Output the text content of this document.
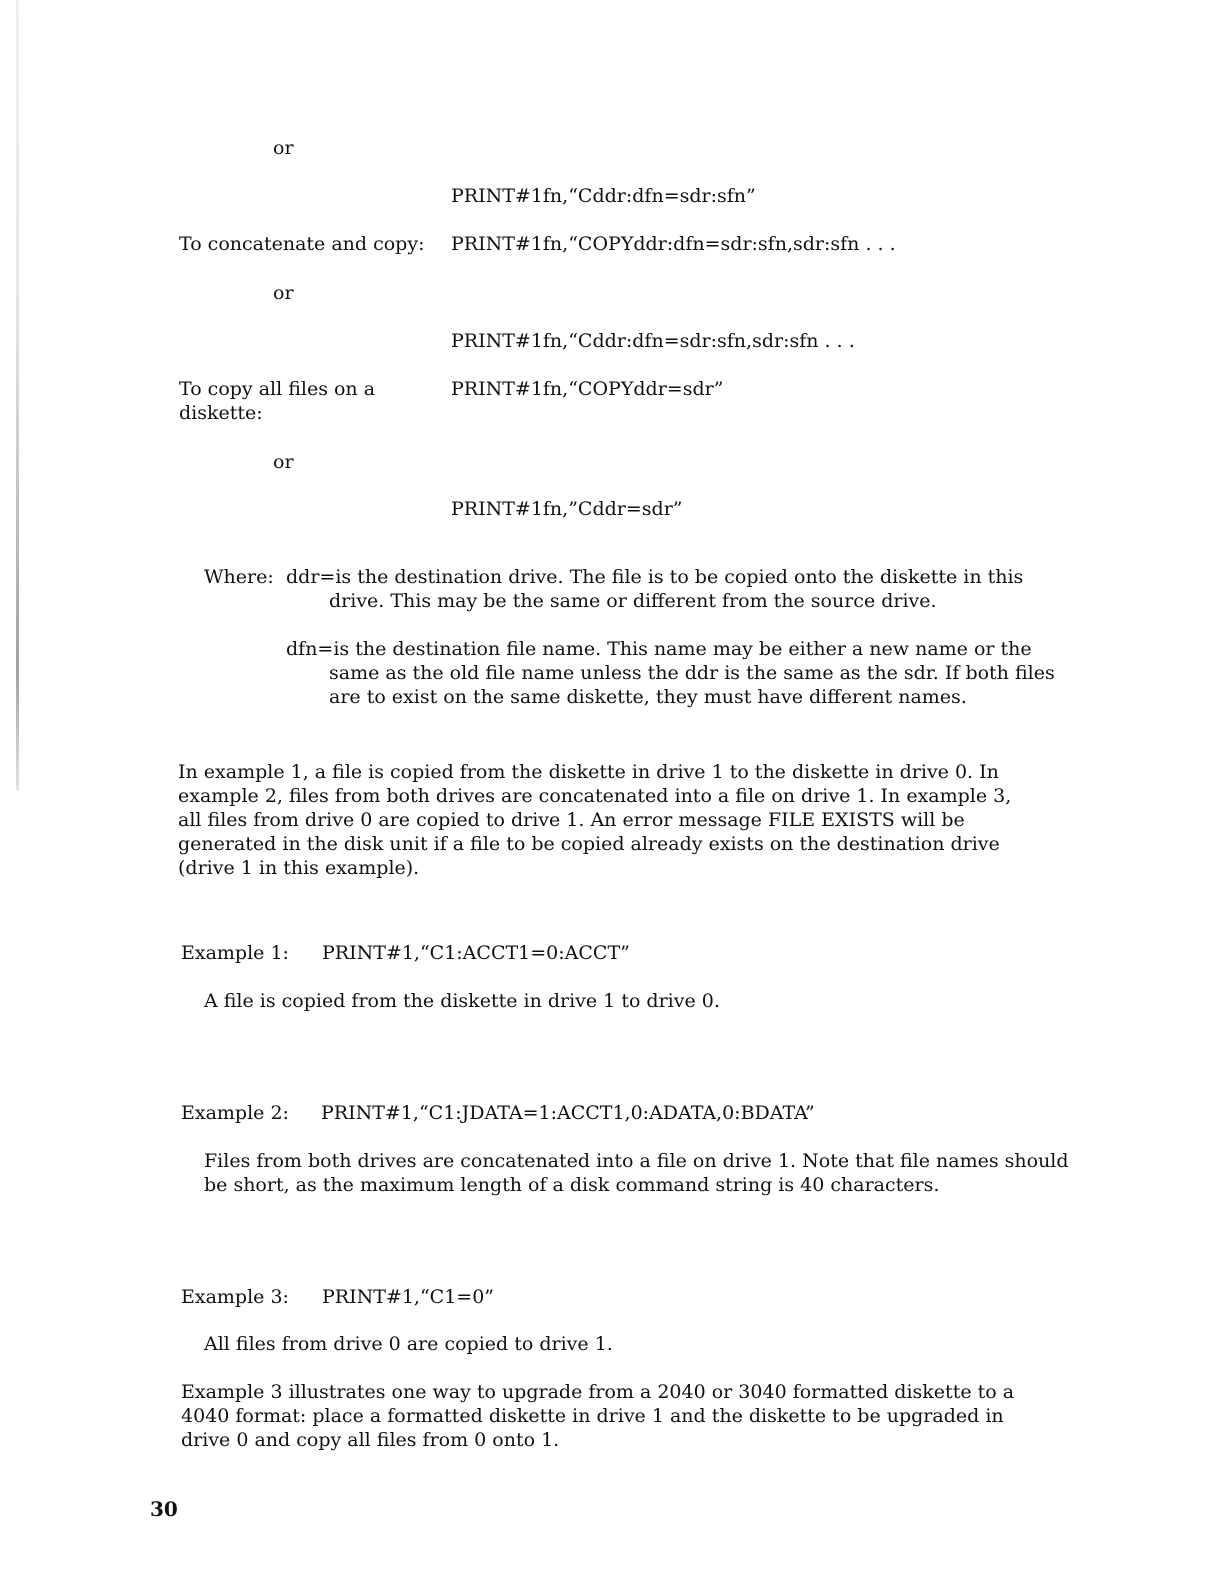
or

PRINT#1fn,“Cddr:dfn=sdr:sfn”

To concatenate and copy: PRINT#1fn,“COPYddr:dfn=sdr:sfn,sdr:sfn . . .

or

PRINT#1fn,“Cddr:dfn=sdr:sfn,sdr:sfn . . .

To copy all files on a

diskette:

PRINT#1fn,“COPYddr=sdr”

or

PRINT#1fn,”Cddr=sdr”

Where: ddr=is the destination drive. The file is to be copied onto the diskette in this

drive. This may be the same or different from the source drive.

dfn=is the destination file name. This name may be either a new name or the

same as the old file name unless the ddr is the same as the sdr. If both files

are to exist on the same diskette, they must have different names.

In example 1, a file is copied from the diskette in drive 1 to the diskette in drive 0. In example 2, files from both drives are concatenated into a file on drive 1. In example 3, all files from drive 0 are copied to drive 1. An error message FILE EXISTS will be generated in the disk unit if a file to be copied already exists on the destination drive (drive 1 in this example).

Example 1: PRINT#1,“C1:ACCT1=0:ACCT”

A file is copied from the diskette in drive 1 to drive 0.

Example 2: PRINT#1,“C1:JDATA=1:ACCT1,0:ADATA,0:BDATA”

Files from both drives are concatenated into a file on drive 1. Note that file names should

be short, as the maximum length of a disk command string is 40 characters.

Example 3: PRINT#1,“C1=0”

All files from drive 0 are copied to drive 1.

Example 3 illustrates one way to upgrade from a 2040 or 3040 formatted diskette to a 4040 format: place a formatted diskette in drive 1 and the diskette to be upgraded in drive 0 and copy all files from 0 onto 1.

30
